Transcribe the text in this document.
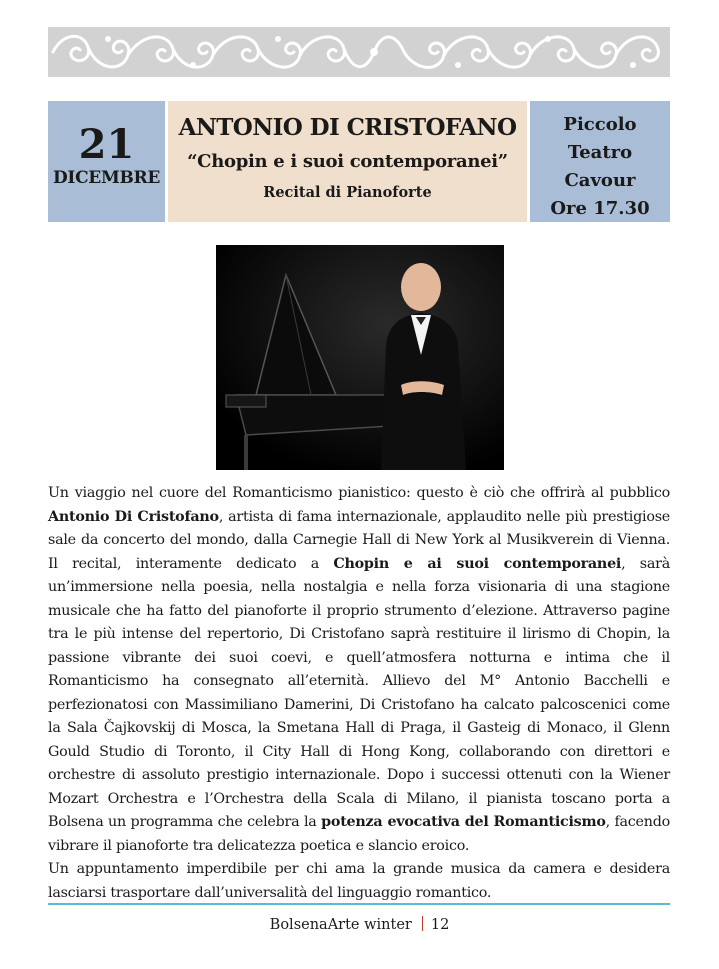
21
DICEMBRE
ANTONIO DI CRISTOFANO
“Chopin e i suoi contemporanei”
Recital di Pianoforte
Piccolo
Teatro
Cavour
Ore 17.30

Un viaggio nel cuore del Romanticismo pianistico: questo è ciò che offrirà al pubblico Antonio Di Cristofano, artista di fama internazionale, applaudito nelle più prestigiose sale da concerto del mondo, dalla Carnegie Hall di New York al Musikverein di Vienna. Il recital, interamente dedicato a Chopin e ai suoi contemporanei, sarà un’immersione nella poesia, nella nostalgia e nella forza visionaria di una stagione musicale che ha fatto del pianoforte il proprio strumento d’elezione. Attraverso pagine tra le più intense del repertorio, Di Cristofano saprà restituire il lirismo di Chopin, la passione vibrante dei suoi coevi, e quell’atmosfera notturna e intima che il Romanticismo ha consegnato all’eternità. Allievo del M° Antonio Bacchelli e perfezionatosi con Massimiliano Damerini, Di Cristofano ha calcato palcoscenici come la Sala Čajkovskij di Mosca, la Smetana Hall di Praga, il Gasteig di Monaco, il Glenn Gould Studio di Toronto, il City Hall di Hong Kong, collaborando con direttori e orchestre di assoluto prestigio internazionale. Dopo i successi ottenuti con la Wiener Mozart Orchestra e l’Orchestra della Scala di Milano, il pianista toscano porta a Bolsena un programma che celebra la potenza evocativa del Romanticismo, facendo vibrare il pianoforte tra delicatezza poetica e slancio eroico.

Un appuntamento imperdibile per chi ama la grande musica da camera e desidera lasciarsi trasportare dall’universalità del linguaggio romantico.

BolsenaArte winter 12
